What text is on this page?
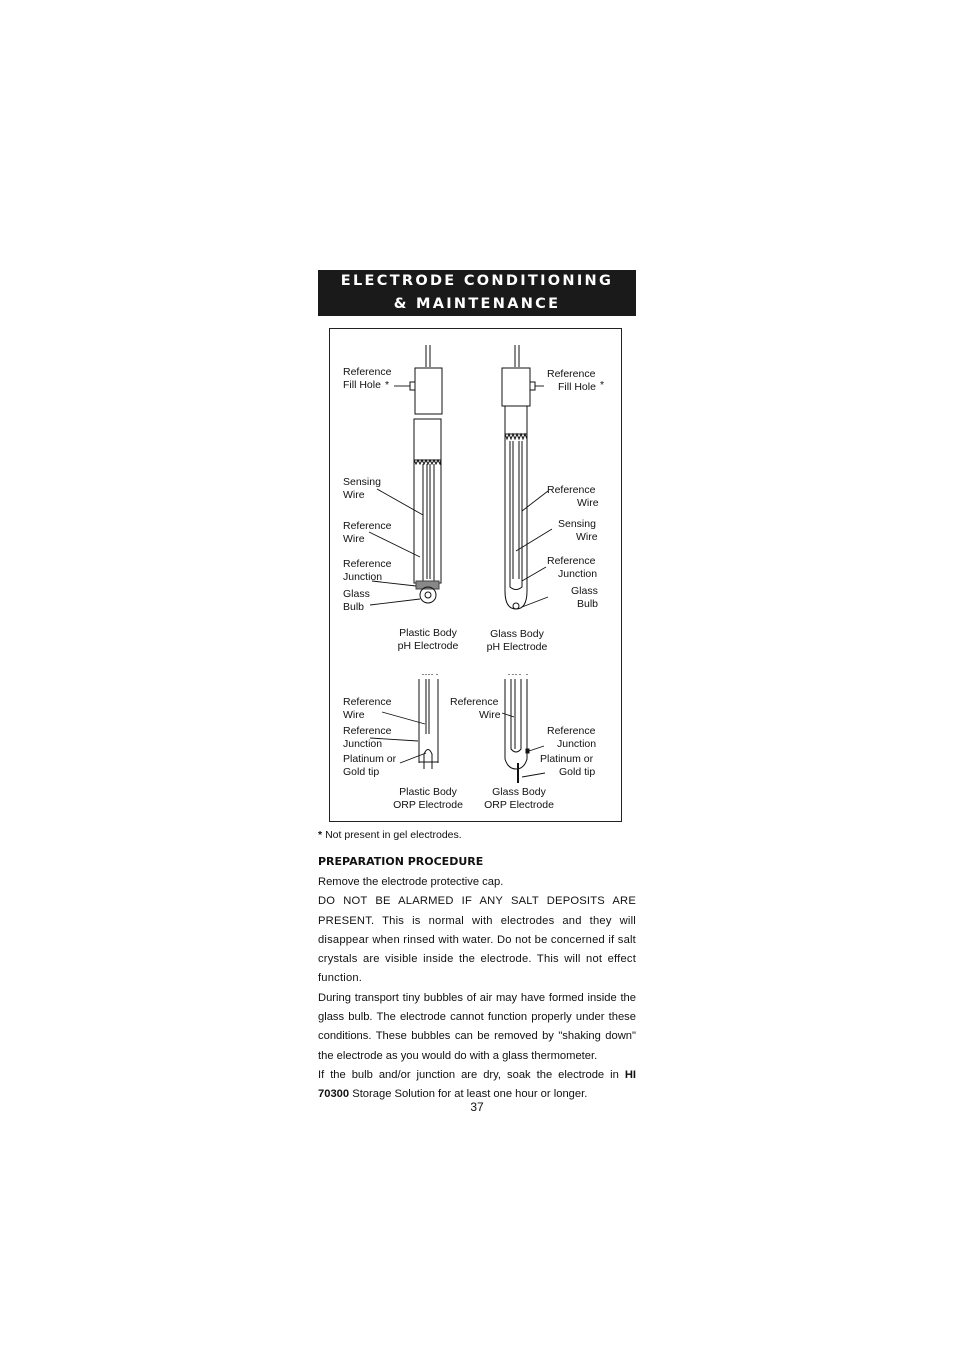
ELECTRODE CONDITIONING
& MAINTENANCE
Reference
Fill Hole *
Sensing
Wire
Reference
Wire
Reference
Junction
Glass
Bulb
Plastic Body
pH Electrode
Reference
Fill Hole *
Reference
Wire
Sensing
Wire
Reference
Junction
Glass
Bulb
Glass Body
pH Electrode
Reference
Wire
Reference
Junction
Platinum or
Gold tip
Plastic Body
ORP Electrode
Reference
Wire
Reference
Junction
Platinum or
Gold tip
Glass Body
ORP Electrode
* Not present in gel electrodes.
PREPARATION PROCEDURE

Remove the electrode protective cap.

DO NOT BE ALARMED IF ANY SALT DEPOSITS ARE PRESENT. This is normal with electrodes and they will disappear when rinsed with water. Do not be concerned if salt crystals are visible inside the electrode. This will not effect function.

During transport tiny bubbles of air may have formed inside the glass bulb. The electrode cannot function properly under these conditions. These bubbles can be removed by "shaking down" the electrode as you would do with a glass thermometer.

If the bulb and/or junction are dry, soak the electrode in HI 70300 Storage Solution for at least one hour or longer.

37
